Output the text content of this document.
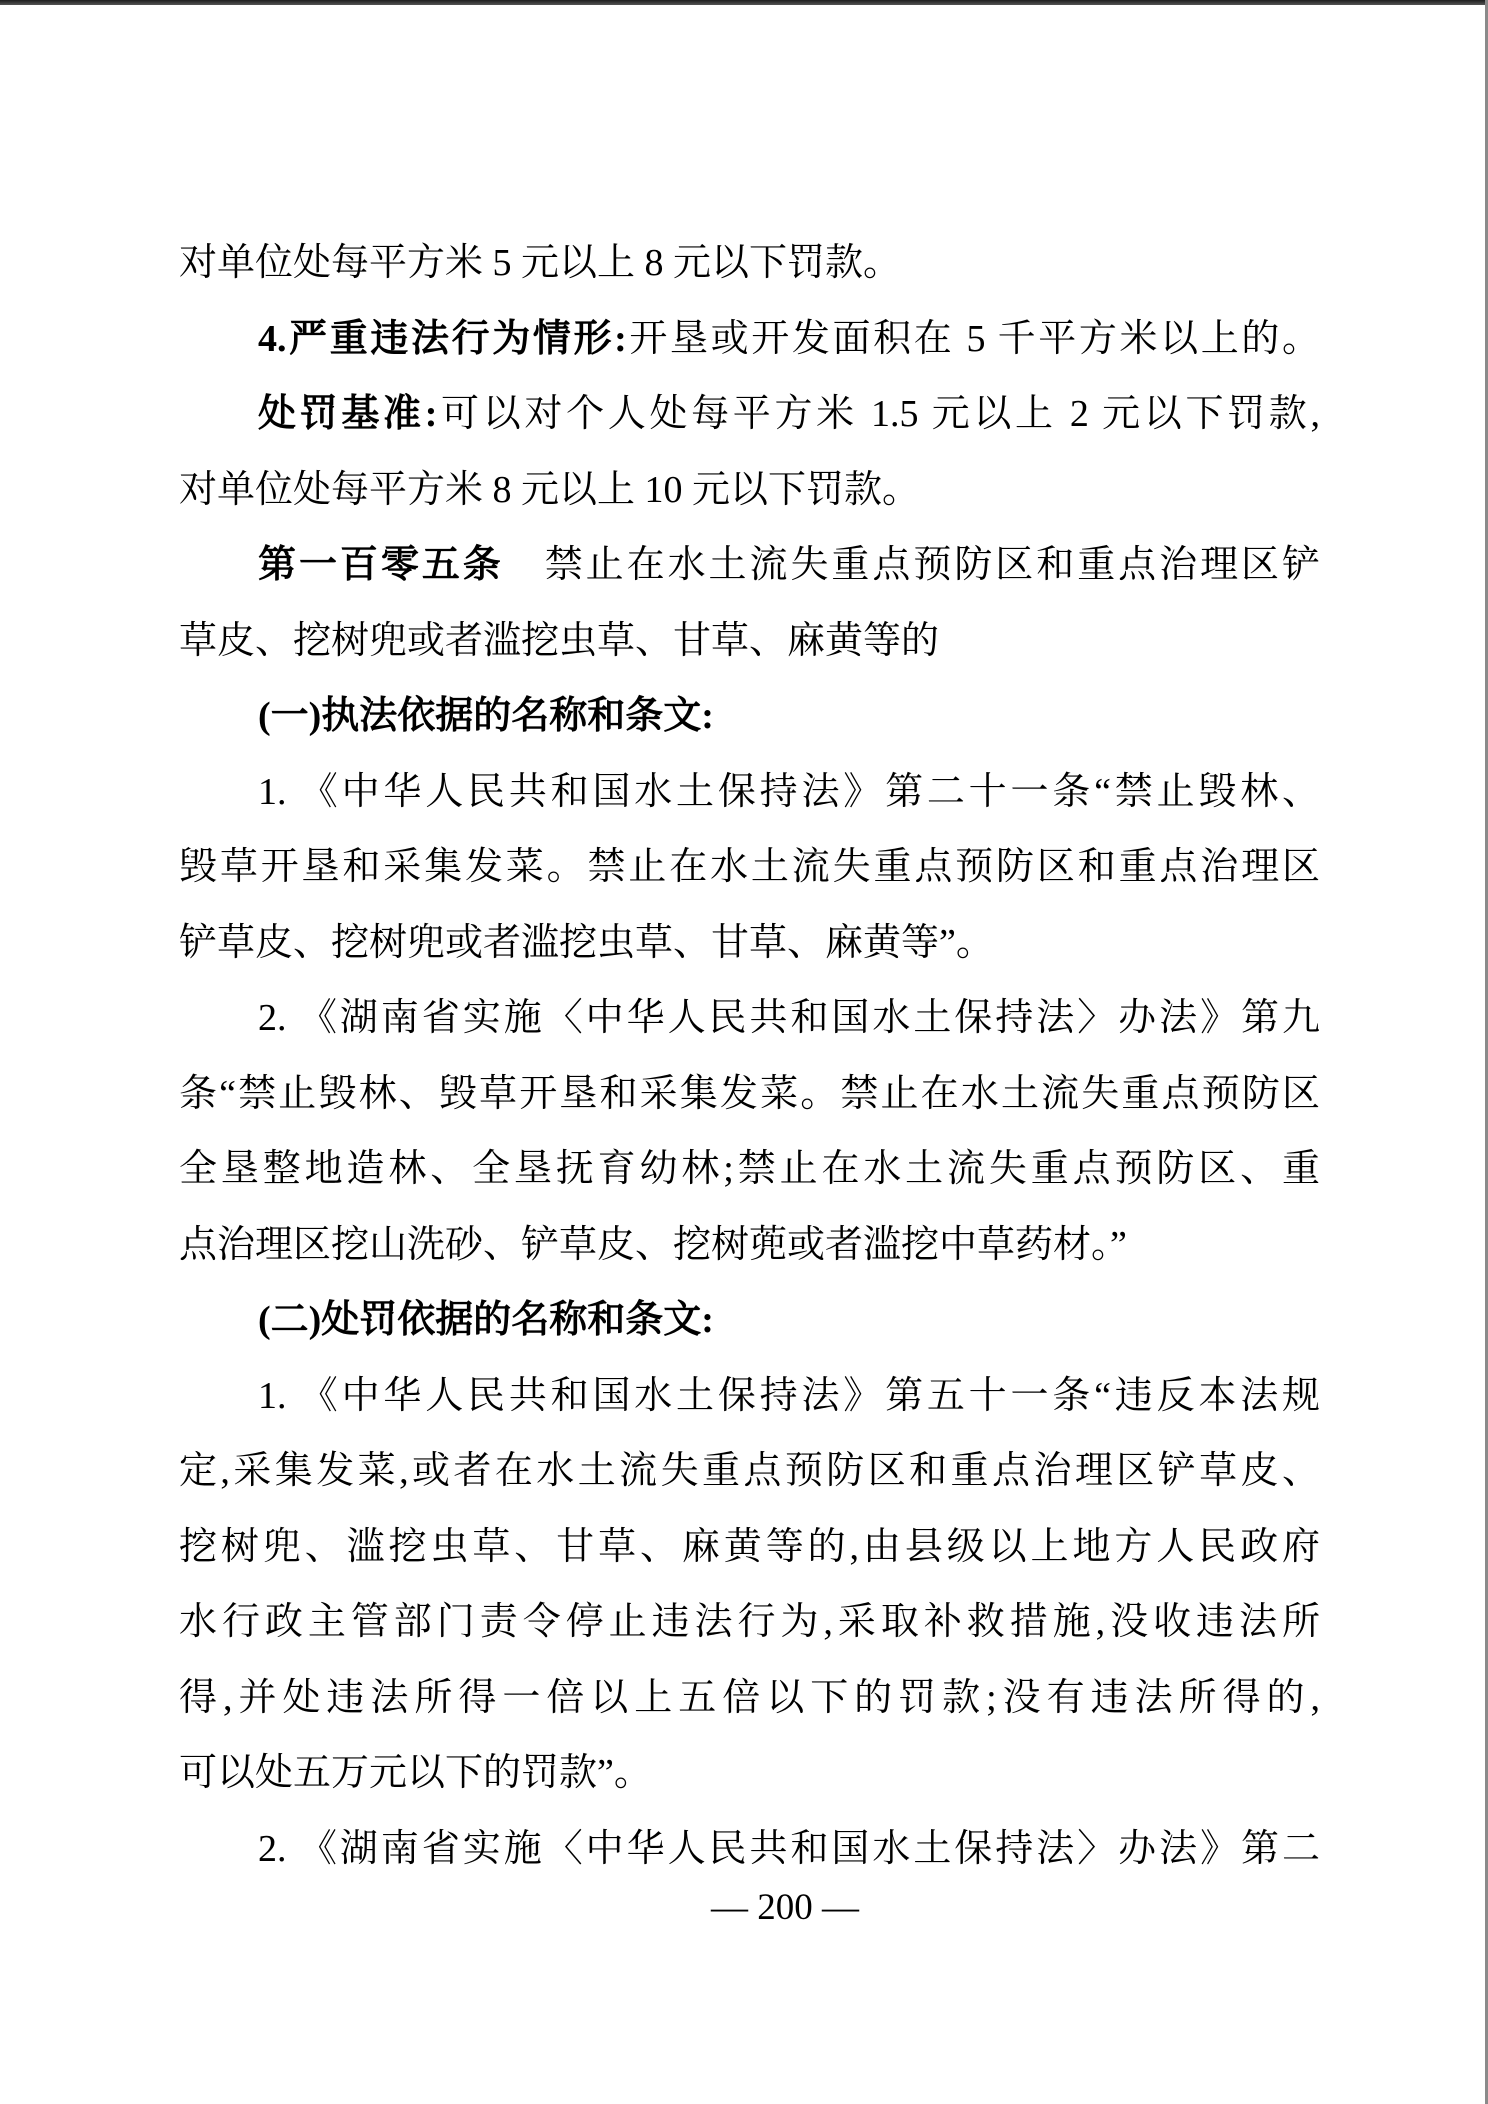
对单位处每平方米 5 元以上 8 元以下罚款。
4.严重违法行为情形:开垦或开发面积在 5 千平方米以上的。
处罚基准:可以对个人处每平方米 1.5 元以上 2 元以下罚款,
对单位处每平方米 8 元以上 10 元以下罚款。
第一百零五条　禁止在水土流失重点预防区和重点治理区铲
草皮、挖树兜或者滥挖虫草、甘草、麻黄等的
(一)执法依据的名称和条文:
1. 《中华人民共和国水土保持法》第二十一条“禁止毁林、
毁草开垦和采集发菜。禁止在水土流失重点预防区和重点治理区
铲草皮、挖树兜或者滥挖虫草、甘草、麻黄等”。
2. 《湖南省实施〈中华人民共和国水土保持法〉办法》第九
条“禁止毁林、毁草开垦和采集发菜。禁止在水土流失重点预防区
全垦整地造林、全垦抚育幼林;禁止在水土流失重点预防区、重
点治理区挖山洗砂、铲草皮、挖树蔸或者滥挖中草药材。”
(二)处罚依据的名称和条文:
1. 《中华人民共和国水土保持法》第五十一条“违反本法规
定,采集发菜,或者在水土流失重点预防区和重点治理区铲草皮、
挖树兜、滥挖虫草、甘草、麻黄等的,由县级以上地方人民政府
水行政主管部门责令停止违法行为,采取补救措施,没收违法所
得,并处违法所得一倍以上五倍以下的罚款;没有违法所得的,
可以处五万元以下的罚款”。
2. 《湖南省实施〈中华人民共和国水土保持法〉办法》第二
— 200 —
